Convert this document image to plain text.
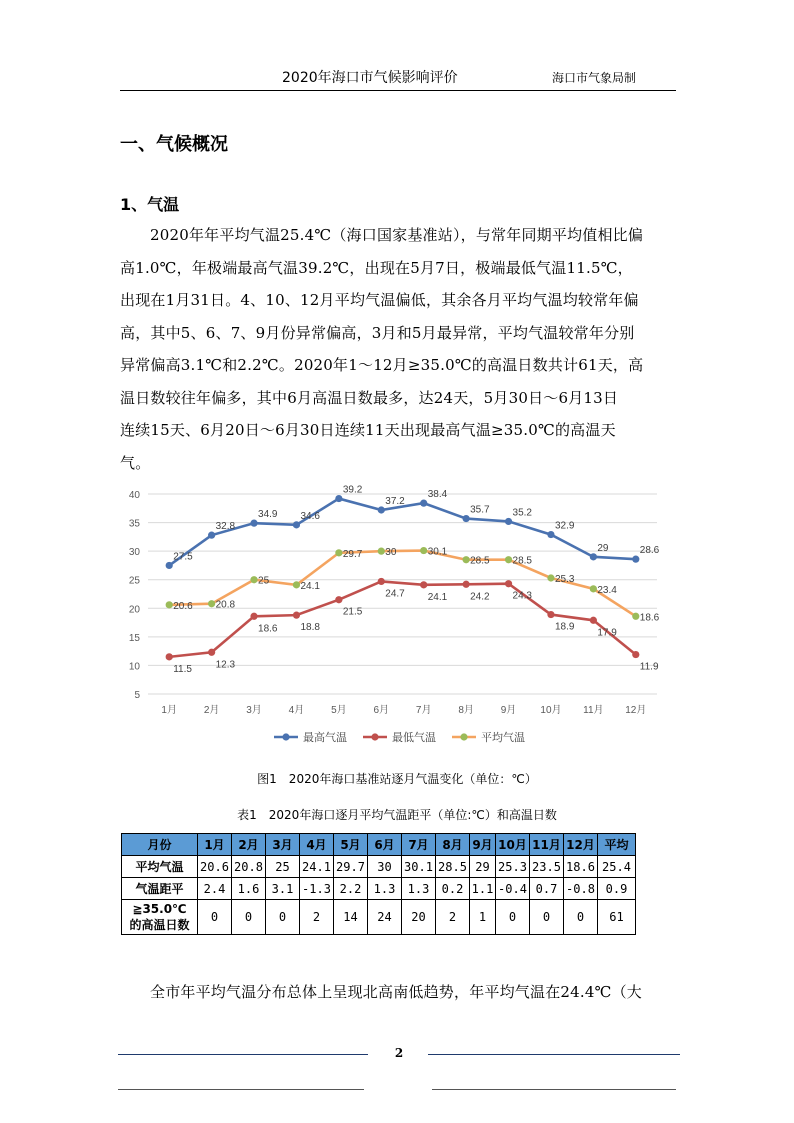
2020年海口市气候影响评价	海口市气象局制
一、气候概况
1、气温
2020年年平均气温25.4℃（海口国家基准站），与常年同期平均值相比偏
高1.0℃，年极端最高气温39.2℃，出现在5月7日，极端最低气温11.5℃，
出现在1月31日。4、10、12月平均气温偏低，其余各月平均气温均较常年偏
高，其中5、6、7、9月份异常偏高，3月和5月最异常，平均气温较常年分别
异常偏高3.1℃和2.2℃。2020年1～12月≥35.0℃的高温日数共计61天，高
温日数较往年偏多，其中6月高温日数最多，达24天，5月30日～6月13日
连续15天、6月20日～6月30日连续11天出现最高气温≥35.0℃的高温天
气。
40
35
30
25
20
15
10
5
1月	2月	3月	4月	5月	6月	7月	8月	9月 10月 11月 12月
27.5
32.8
34.9 34.6
39.2
37.2
38.4
35.7 35.2
32.9
29	28.6
11.5 12.3
18.6 18.8
21.5
24.7 24.1 24.2 24.3
18.9
17.9
11.9
20.6 20.8
25	24.1
29.7 30	30.1
28.5 28.5
25.3
23.4
18.6
最高气温	最低气温	平均气温
图1　2020年海口基准站逐月气温变化（单位：℃）
表1　2020年海口逐月平均气温距平（单位:℃）和高温日数
月份	1月	2月	3月	4月	5月	6月	7月	8月	9月	10月	11月	12月	平均
平均气温	20.6	20.8	25	24.1	29.7	30	30.1	28.5	29	25.3	23.5	18.6	25.4
气温距平	2.4	1.6	3.1	-1.3	2.2	1.3	1.3	0.2	1.1	-0.4	0.7	-0.8	0.9

≧35.0℃
的高温日数	0	0	0	2	14	24	20	2	1	0	0	0	61
全市年平均气温分布总体上呈现北高南低趋势，年平均气温在24.4℃（大
2
